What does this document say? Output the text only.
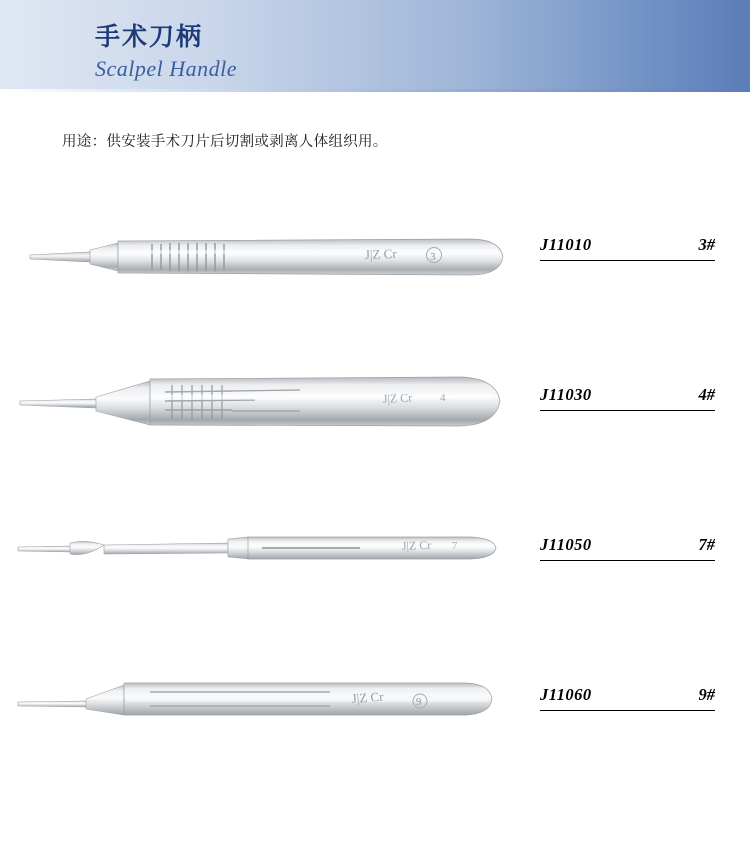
手术刀柄
Scalpel Handle
用途：供安装手术刀片后切割或剥离人体组织用。
J|Z Cr	3
J11010	3#
J|Z Cr 4	J11030	4#
J|Z Cr 7	J11050	7#
J|Z Cr	9	J11060	9#
